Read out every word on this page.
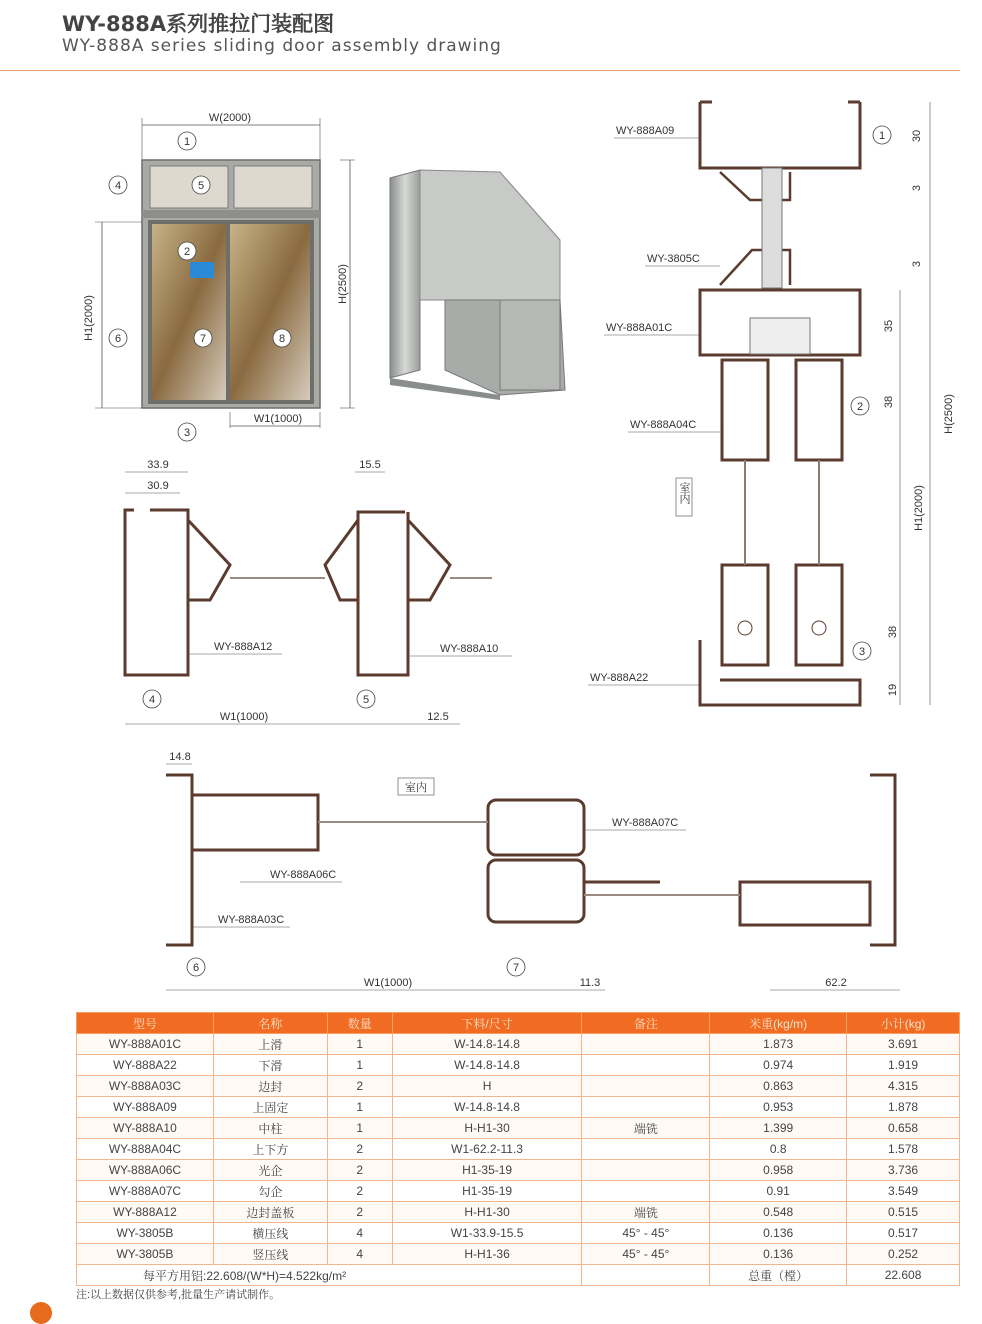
WY-888A系列推拉门装配图
WY-888A series sliding door assembly drawing
W(2000)
H(2500)
H1(2000)
W1(1000)
1
2
3
4	5
6	7	8
WY-888A09
WY-3805C
WY-888A01C
WY-888A04C
WY-888A22
H(2500)
H1(2000)
30
3
3
35
38
38
19
室内
1
2
3
33.9
30.9
15.5
W1(1000)	12.5
WY-888A12	WY-888A10
4	5
14.8
室内
WY-888A07C
WY-888A06C
WY-888A03C
W1(1000)	11.3	62.2
6	7
型号	名称	数量	下料/尺寸	备注	米重(kg/m)	小计(kg)
WY-888A01C	上滑	1	W-14.8-14.8		1.873	3.691
WY-888A22	下滑	1	W-14.8-14.8		0.974	1.919
WY-888A03C	边封	2	H		0.863	4.315
WY-888A09	上固定	1	W-14.8-14.8		0.953	1.878
WY-888A10	中柱	1	H-H1-30	端铣	1.399	0.658
WY-888A04C	上下方	2	W1-62.2-11.3		0.8	1.578
WY-888A06C	光企	2	H1-35-19		0.958	3.736
WY-888A07C	勾企	2	H1-35-19		0.91	3.549
WY-888A12	边封盖板	2	H-H1-30	端铣	0.548	0.515
WY-3805B	横压线	4	W1-33.9-15.5	45° - 45°	0.136	0.517
WY-3805B	竖压线	4	H-H1-36	45° - 45°	0.136	0.252
每平方用铝:22.608/(W*H)=4.522kg/m²					总重（樘）	22.608
注:以上数据仅供参考,批量生产请试制作。
